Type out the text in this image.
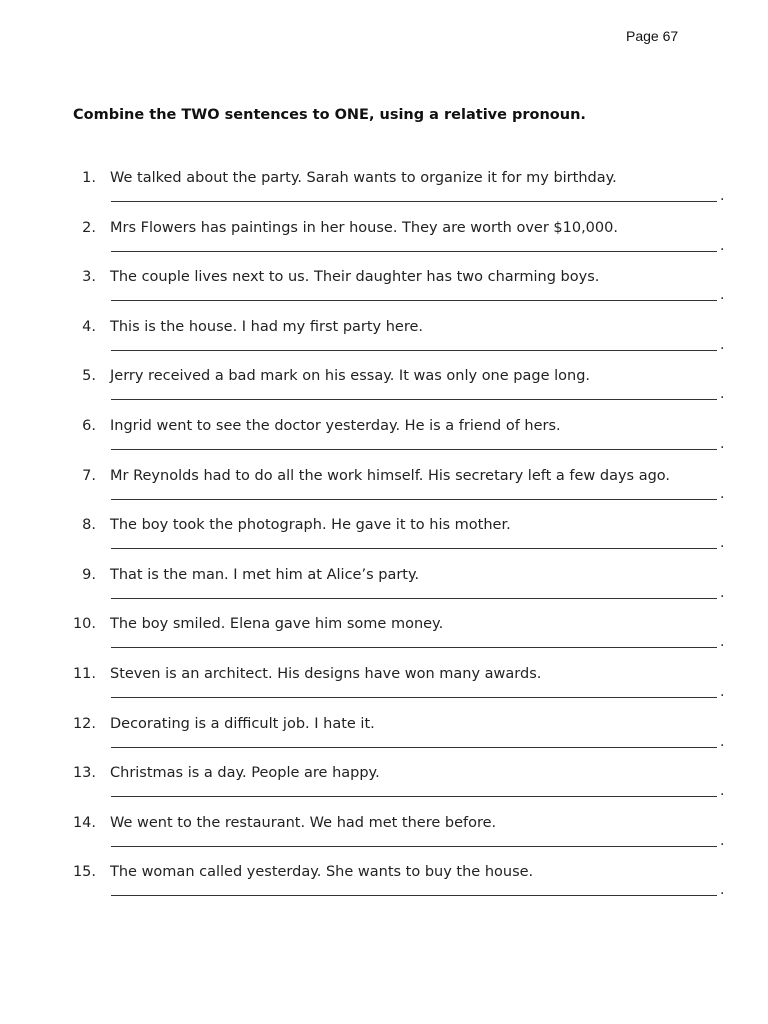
Page 67
Combine the TWO sentences to ONE, using a relative pronoun.
1. We talked about the party. Sarah wants to organize it for my birthday.
.
2. Mrs Flowers has paintings in her house. They are worth over $10,000.
.
3. The couple lives next to us. Their daughter has two charming boys.
.
4. This is the house. I had my first party here.
.
5. Jerry received a bad mark on his essay. It was only one page long.
.
6. Ingrid went to see the doctor yesterday. He is a friend of hers.
.
7. Mr Reynolds had to do all the work himself. His secretary left a few days ago.
.
8. The boy took the photograph. He gave it to his mother.
.
9. That is the man. I met him at Alice’s party.
.
10. The boy smiled. Elena gave him some money.
.
11. Steven is an architect. His designs have won many awards.
.
12. Decorating is a difficult job. I hate it.
.
13. Christmas is a day. People are happy.
.
14. We went to the restaurant. We had met there before.
.
15. The woman called yesterday. She wants to buy the house.
.
